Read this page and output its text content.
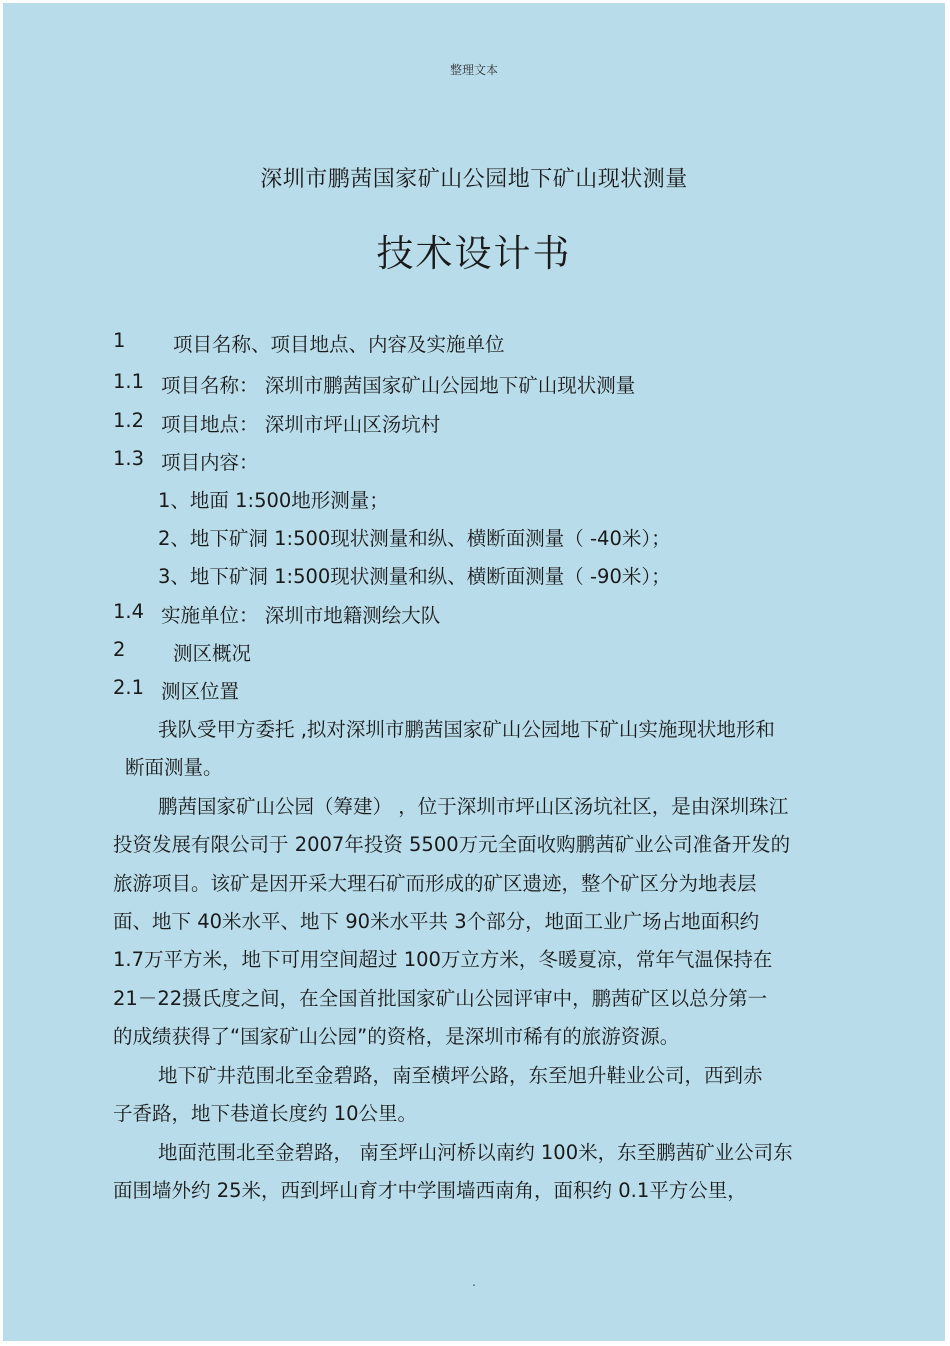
整理文本
深圳市鹏茜国家矿山公园地下矿山现状测量
技术设计书
1 项目名称、项目地点、内容及实施单位
1.1 项目名称： 深圳市鹏茜国家矿山公园地下矿山现状测量
1.2 项目地点： 深圳市坪山区汤坑村
1.3 项目内容：
1、地面 1:500地形测量；
2、地下矿洞 1:500现状测量和纵、横断面测量（ -40米）；
3、地下矿洞 1:500现状测量和纵、横断面测量（ -90米）；
1.4 实施单位： 深圳市地籍测绘大队
2 测区概况
2.1 测区位置
我队受甲方委托 ,拟对深圳市鹏茜国家矿山公园地下矿山实施现状地形和
断面测量。
鹏茜国家矿山公园（筹建） ，位于深圳市坪山区汤坑社区，是由深圳珠江
投资发展有限公司于 2007年投资 5500万元全面收购鹏茜矿业公司准备开发的
旅游项目。该矿是因开采大理石矿而形成的矿区遗迹，整个矿区分为地表层
面、地下 40米水平、地下 90米水平共 3个部分，地面工业广场占地面积约
1.7万平方米，地下可用空间超过 100万立方米，冬暖夏凉，常年气温保持在
21－22摄氏度之间，在全国首批国家矿山公园评审中，鹏茜矿区以总分第一
的成绩获得了“国家矿山公园”的资格，是深圳市稀有的旅游资源。
地下矿井范围北至金碧路，南至横坪公路，东至旭升鞋业公司，西到赤
子香路，地下巷道长度约 10公里。
地面范围北至金碧路， 南至坪山河桥以南约 100米，东至鹏茜矿业公司东
面围墙外约 25米，西到坪山育才中学围墙西南角，面积约 0.1平方公里，
.
